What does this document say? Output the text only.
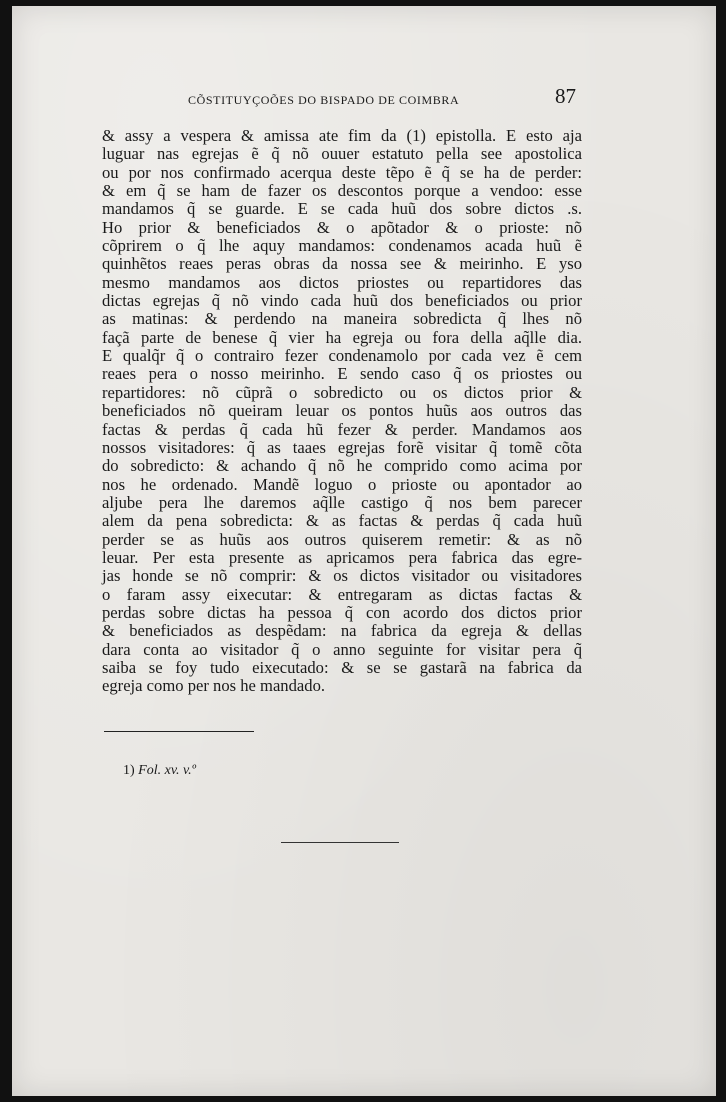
CÕSTITUYÇOÕES DO BISPADO DE COIMBRA	87
& assy a vespera & amissa ate fim da (1) epistolla. E esto aja
luguar nas egrejas ẽ q̃ nõ ouuer estatuto pella see apostolica
ou por nos confirmado acerqua deste tẽpo ẽ q̃ se ha de perder:
& em q̃ se ham de fazer os descontos porque a vendoo: esse
mandamos q̃ se guarde. E se cada huũ dos sobre dictos .s.
Ho prior & beneficiados & o apõtador & o prioste: nõ
cõprirem o q̃ lhe aquy mandamos: condenamos acada huũ ẽ
quinhẽtos reaes peras obras da nossa see & meirinho. E yso
mesmo mandamos aos dictos priostes ou repartidores das
dictas egrejas q̃ nõ vindo cada huũ dos beneficiados ou prior
as matinas: & perdendo na maneira sobredicta q̃ lhes nõ
façã parte de benese q̃ vier ha egreja ou fora della aq̃lle dia.
E qualq̃r q̃ o contrairo fezer condenamolo por cada vez ẽ cem
reaes pera o nosso meirinho. E sendo caso q̃ os priostes ou
repartidores: nõ cũprã o sobredicto ou os dictos prior &
beneficiados nõ queiram leuar os pontos huũs aos outros das
factas & perdas q̃ cada hũ fezer & perder. Mandamos aos
nossos visitadores: q̃ as taaes egrejas forẽ visitar q̃ tomẽ cõta
do sobredicto: & achando q̃ nõ he comprido como acima por
nos he ordenado. Mandẽ loguo o prioste ou apontador ao
aljube pera lhe daremos aq̃lle castigo q̃ nos bem parecer
alem da pena sobredicta: & as factas & perdas q̃ cada huũ
perder se as huũs aos outros quiserem remetir: & as nõ
leuar. Per esta presente as apricamos pera fabrica das egre-
jas honde se nõ comprir: & os dictos visitador ou visitadores
o faram assy eixecutar: & entregaram as dictas factas &
perdas sobre dictas ha pessoa q̃ con acordo dos dictos prior
& beneficiados as despẽdam: na fabrica da egreja & dellas
dara conta ao visitador q̃ o anno seguinte for visitar pera q̃
saiba se foy tudo eixecutado: & se se gastarã na fabrica da
egreja como per nos he mandado.
1) Fol. xv. v.º
